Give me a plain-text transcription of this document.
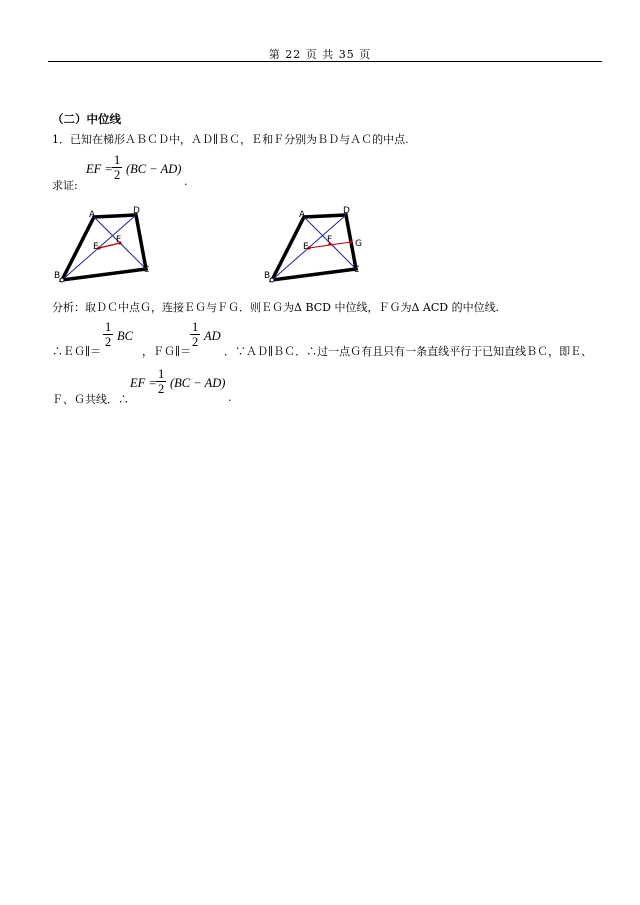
第 22 页 共 35 页
（二）中位线
1．已知在梯形ＡＢＣＤ中，ＡＤ∥ＢＣ，Ｅ和Ｆ分别为ＢＤ与ＡＣ的中点.
求证:
EF = $\frac{1}{2} (BC - AD)$
.
A	D
E
F
B
C
A	D
E
F	G
B
C
分析：取ＤＣ中点Ｇ，连接ＥＧ与ＦＧ．则ＥＧ为Δ BCD 中位线，ＦＧ为Δ ACD 的中位线.
∴ＥＧ∥＝
$\frac{1}{2}$ BC
，ＦＧ∥＝
$\frac{1}{2}$ AD
．∵ＡＤ∥ＢＣ．∴过一点Ｇ有且只有一条直线平行于已知直线ＢＣ，即Ｅ、
Ｆ、Ｇ共线．∴
EF = $\frac{1}{2} (BC - AD)$
.
